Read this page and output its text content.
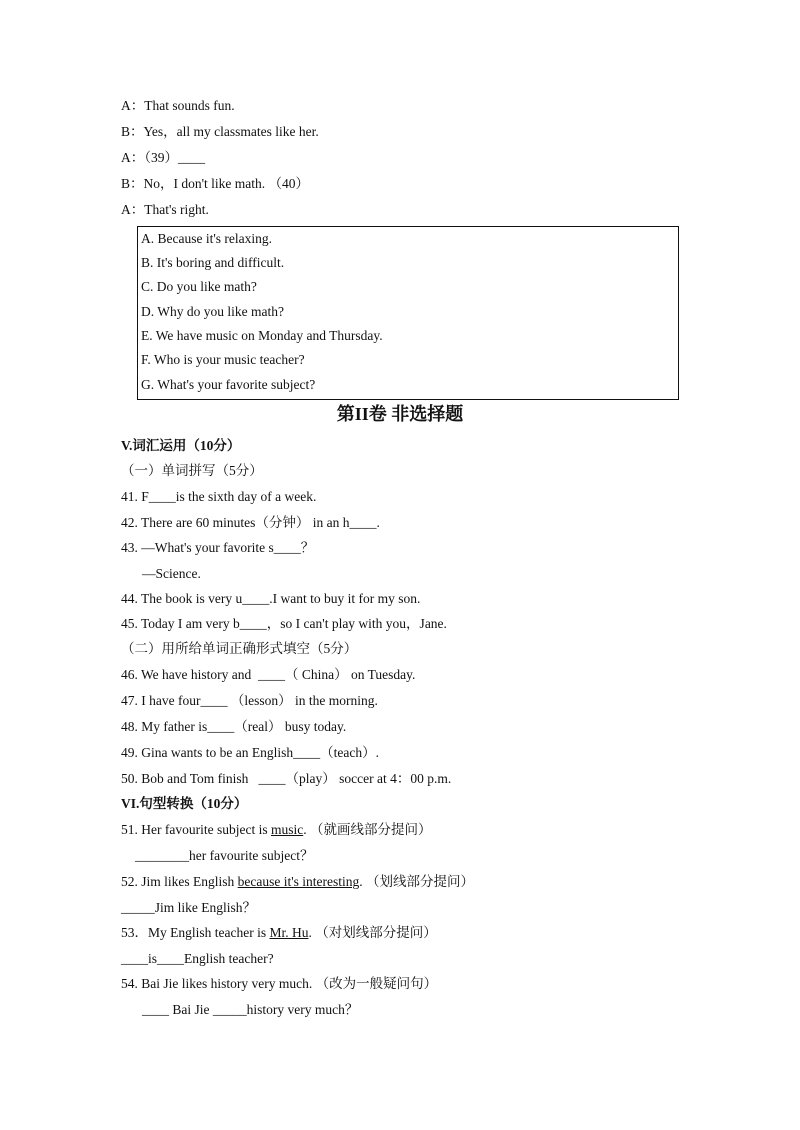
A：That sounds fun.
B：Yes，all my classmates like her.
A：（39）____
B：No，I don't like math. （40）
A：That's right.
A. Because it's relaxing.
B. It's boring and difficult.
C. Do you like math?
D. Why do you like math?
E. We have music on Monday and Thursday.
F. Who is your music teacher?
G. What's your favorite subject?
第II卷 非选择题
V.词汇运用（10分）
（一）单词拼写（5分）
41. F____is the sixth day of a week.
42. There are 60 minutes（分钟） in an h____.
43. —What's your favorite s____？
—Science.
44. The book is very u____.I want to buy it for my son.
45. Today I am very b____，so I can't play with you，Jane.
（二）用所给单词正确形式填空（5分）
46. We have history and  ____（ China） on Tuesday.
47. I have four____ （lesson） in the morning.
48. My father is____（real） busy today.
49. Gina wants to be an English____（teach）.
50. Bob and Tom finish   ____（play） soccer at 4：00 p.m.
VI.句型转换（10分）
51. Her favourite subject is music. （就画线部分提问）
________her favourite subject？
52. Jim likes English because it's interesting. （划线部分提问）
_____Jim like English？
53．My English teacher is Mr. Hu. （对划线部分提问）
____is____English teacher?
54. Bai Jie likes history very much. （改为一般疑问句）
____ Bai Jie _____history very much？
